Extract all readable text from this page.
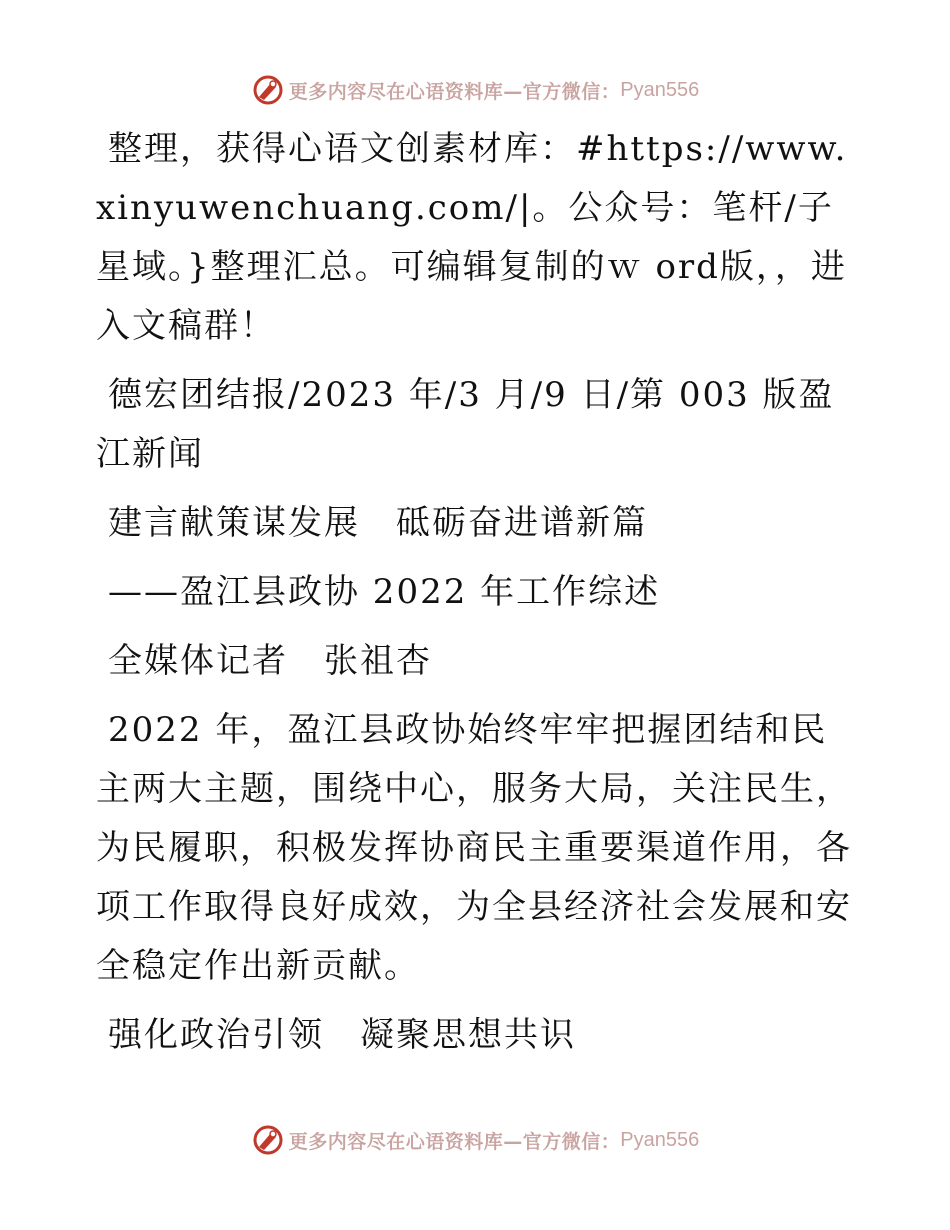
更多内容尽在心语资料库—官方微信： Pyan556

整理，获得心语文创素材库：#https://www.xinyuwenchuang.com/|。公众号：笔杆/子星域。}整理汇总。可编辑复制的ｗ ord版，，进入文稿群！

德宏团结报/2023 年/3 月/9 日/第 003 版盈江新闻

建言献策谋发展　砥砺奋进谱新篇

——盈江县政协 2022 年工作综述

全媒体记者　张祖杏

2022 年，盈江县政协始终牢牢把握团结和民主两大主题，围绕中心，服务大局，关注民生，为民履职，积极发挥协商民主重要渠道作用，各项工作取得良好成效，为全县经济社会发展和安全稳定作出新贡献。

强化政治引领　凝聚思想共识

更多内容尽在心语资料库—官方微信： Pyan556
